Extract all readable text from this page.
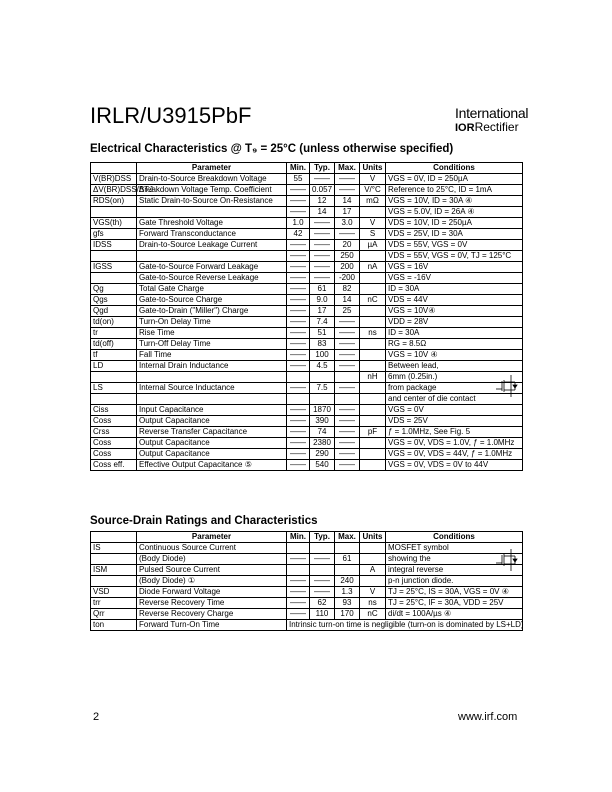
IRLR/U3915PbF	International
IORRectifier
Electrical Characteristics @ T₉ = 25°C (unless otherwise specified)
	Parameter	Min.	Typ.	Max.	Units	Conditions
V(BR)DSS	Drain-to-Source Breakdown Voltage	55	——	——	V	VGS = 0V, ID = 250µA
ΔV(BR)DSS/ΔTJ	Breakdown Voltage Temp. Coefficient	——	0.057	——	V/°C	Reference to 25°C, ID = 1mA
RDS(on)	Static Drain-to-Source On-Resistance	——	12	14	mΩ	VGS = 10V, ID = 30A ④
		——	14	17		VGS = 5.0V, ID = 26A ④
VGS(th)	Gate Threshold Voltage	1.0	——	3.0	V	VDS = 10V, ID = 250µA
gfs	Forward Transconductance	42	——	——	S	VDS = 25V, ID = 30A
IDSS	Drain-to-Source Leakage Current	——	——	20	µA	VDS = 55V, VGS = 0V
		——	——	250		VDS = 55V, VGS = 0V, TJ = 125°C
IGSS	Gate-to-Source Forward Leakage	——	——	200	nA	VGS = 16V
	Gate-to-Source Reverse Leakage	——	——	-200		VGS = -16V
Qg	Total Gate Charge	——	61	82		ID = 30A
Qgs	Gate-to-Source Charge	——	9.0	14	nC	VDS = 44V
Qgd	Gate-to-Drain ("Miller") Charge	——	17	25		VGS = 10V④
td(on)	Turn-On Delay Time	——	7.4	——		VDD = 28V
tr	Rise Time	——	51	——	ns	ID = 30A
td(off)	Turn-Off Delay Time	——	83	——		RG = 8.5Ω
tf	Fall Time	——	100	——		VGS = 10V ④
LD	Internal Drain Inductance	——	4.5	——		Between lead,
					nH	6mm (0.25in.)
LS	Internal Source Inductance	——	7.5	——		from package
						and center of die contact
Ciss	Input Capacitance	——	1870	——		VGS = 0V
Coss	Output Capacitance	——	390	——		VDS = 25V
Crss	Reverse Transfer Capacitance	——	74	——	pF	ƒ = 1.0MHz, See Fig. 5
Coss	Output Capacitance	——	2380	——		VGS = 0V, VDS = 1.0V, ƒ = 1.0MHz
Coss	Output Capacitance	——	290	——		VGS = 0V, VDS = 44V, ƒ = 1.0MHz
Coss eff.	Effective Output Capacitance ⑤	——	540	——		VGS = 0V, VDS = 0V to 44V
Source-Drain Ratings and Characteristics
	Parameter	Min.	Typ.	Max.	Units	Conditions
IS	Continuous Source Current					MOSFET symbol
	(Body Diode)	——	——	61		showing the
ISM	Pulsed Source Current				A	integral reverse
	(Body Diode) ①	——	——	240		p-n junction diode.
VSD	Diode Forward Voltage	——	——	1.3	V	TJ = 25°C, IS = 30A, VGS = 0V ④
trr	Reverse Recovery Time	——	62	93	ns	TJ = 25°C, IF = 30A, VDD = 25V
Qrr	Reverse Recovery Charge	——	110	170	nC	di/dt = 100A/µs ④
ton	Forward Turn-On Time	Intrinsic turn-on time is negligible (turn-on is dominated by LS+LD)				
2	www.irf.com
